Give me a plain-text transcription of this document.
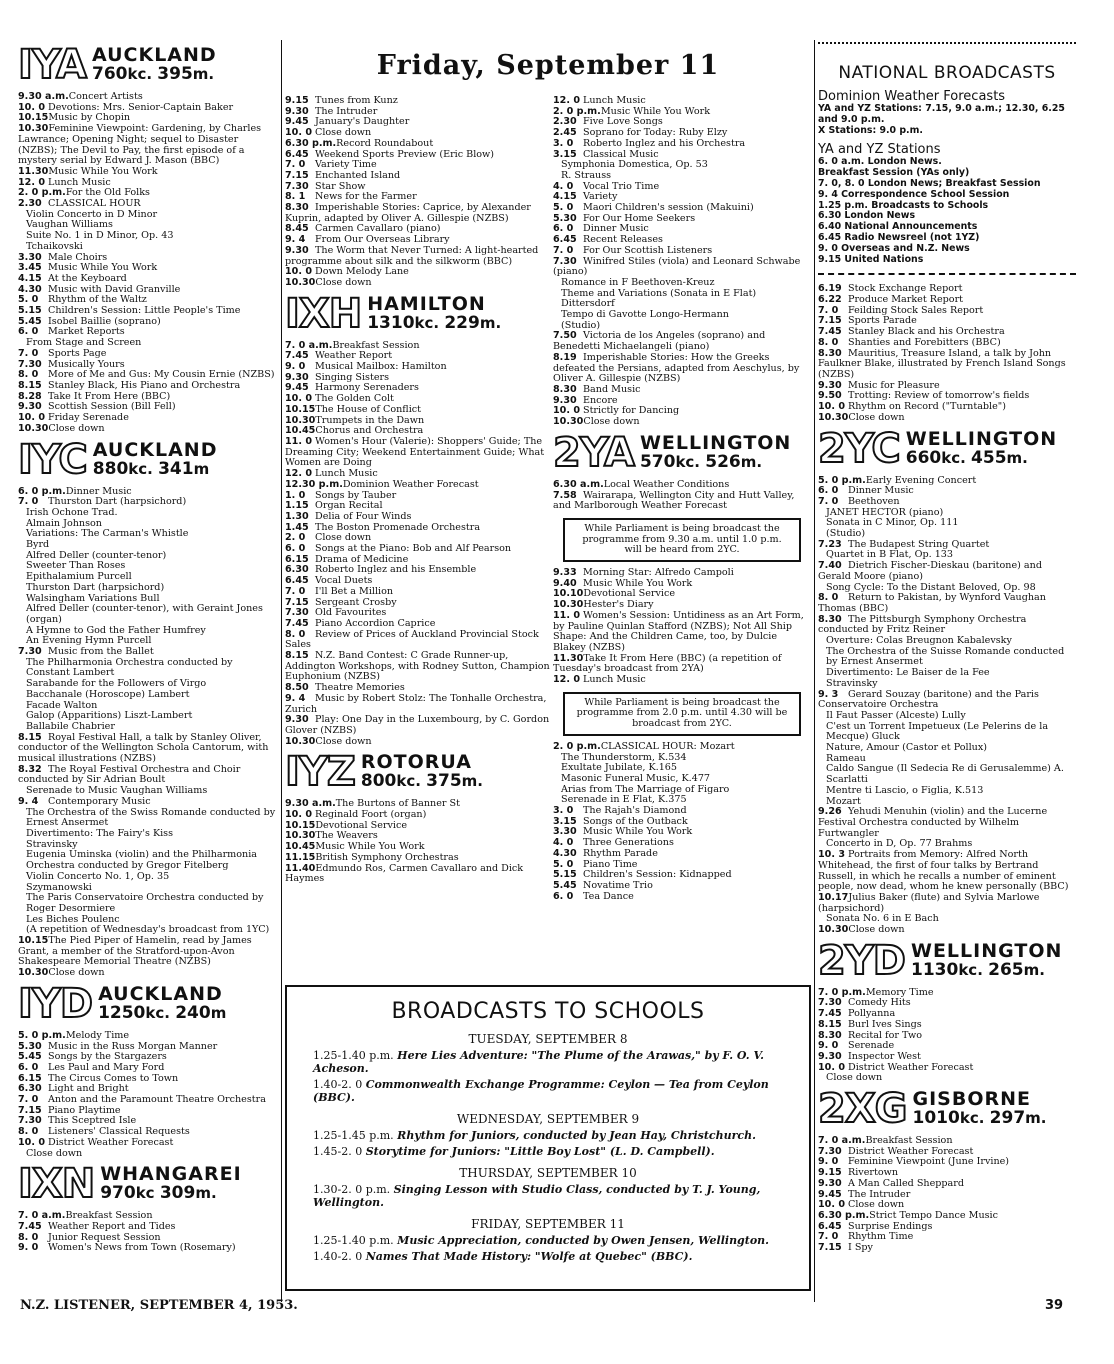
Friday, September 11
IYA AUCKLAND
760kc. 395m.
9.30 a.m.Concert Artists
10. 0Devotions: Mrs. Senior-Captain Baker
10.15Music by Chopin
10.30Feminine Viewpoint: Gardening, by Charles Lawrance; Opening Night; sequel to Disaster (NZBS); The Devil to Pay, the first episode of a mystery serial by Edward J. Mason (BBC)
11.30Music While You Work
12. 0Lunch Music
2. 0 p.m.For the Old Folks
2.30CLASSICAL HOUR
Violin Concerto in D Minor
Vaughan Williams
Suite No. 1 in D Minor, Op. 43
Tchaikovski
3.30Male Choirs
3.45Music While You Work
4.15At the Keyboard
4.30Music with David Granville
5. 0Rhythm of the Waltz
5.15Children's Session: Little People's Time
5.45Isobel Baillie (soprano)
6. 0Market Reports
From Stage and Screen
7. 0Sports Page
7.30Musically Yours
8. 0More of Me and Gus: My Cousin Ernie (NZBS)
8.15Stanley Black, His Piano and Orchestra
8.28Take It From Here (BBC)
9.30Scottish Session (Bill Fell)
10. 0Friday Serenade
10.30Close down
IYC AUCKLAND
880kc. 341m
6. 0 p.m.Dinner Music
7. 0Thurston Dart (harpsichord)
Irish Ochone Trad.
Almain Johnson
Variations: The Carman's Whistle
Byrd
Alfred Deller (counter-tenor)
Sweeter Than Roses
Epithalamium Purcell
Thurston Dart (harpsichord)
Walsingham Variations Bull
Alfred Deller (counter-tenor), with Geraint Jones (organ)
A Hymne to God the Father Humfrey
An Evening Hymn Purcell
7.30Music from the Ballet
The Philharmonia Orchestra conducted by Constant Lambert
Sarabande for the Followers of Virgo
Bacchanale (Horoscope) Lambert
Facade Walton
Galop (Apparitions) Liszt-Lambert
Ballabile Chabrier
8.15Royal Festival Hall, a talk by Stanley Oliver, conductor of the Wellington Schola Cantorum, with musical illustrations (NZBS)
8.32The Royal Festival Orchestra and Choir conducted by Sir Adrian Boult
Serenade to Music Vaughan Williams
9. 4Contemporary Music
The Orchestra of the Swiss Romande conducted by Ernest Ansermet
Divertimento: The Fairy's Kiss
Stravinsky
Eugenia Uminska (violin) and the Philharmonia Orchestra conducted by Gregor Fitelberg
Violin Concerto No. 1, Op. 35
Szymanowski
The Paris Conservatoire Orchestra conducted by Roger Desormiere
Les Biches Poulenc
(A repetition of Wednesday's broadcast from 1YC)
10.15The Pied Piper of Hamelin, read by James Grant, a member of the Stratford-upon-Avon Shakespeare Memorial Theatre (NZBS)
10.30Close down
IYD AUCKLAND
1250kc. 240m
5. 0 p.m.Melody Time
5.30Music in the Russ Morgan Manner
5.45Songs by the Stargazers
6. 0Les Paul and Mary Ford
6.15The Circus Comes to Town
6.30Light and Bright
7. 0Anton and the Paramount Theatre Orchestra
7.15Piano Playtime
7.30This Sceptred Isle
8. 0Listeners' Classical Requests
10. 0District Weather Forecast
Close down
IXN WHANGAREI
970kc 309m.
7. 0 a.m.Breakfast Session
7.45Weather Report and Tides
8. 0Junior Request Session
9. 0Women's News from Town (Rosemary)
9.15Tunes from Kunz
9.30The Intruder
9.45January's Daughter
10. 0Close down
6.30 p.m.Record Roundabout
6.45Weekend Sports Preview (Eric Blow)
7. 0Variety Time
7.15Enchanted Island
7.30Star Show
8. 1News for the Farmer
8.30Imperishable Stories: Caprice, by Alexander Kuprin, adapted by Oliver A. Gillespie (NZBS)
8.45Carmen Cavallaro (piano)
9. 4From Our Overseas Library
9.30The Worm that Never Turned: A light-hearted programme about silk and the silkworm (BBC)
10. 0Down Melody Lane
10.30Close down
IXH HAMILTON
1310kc. 229m.
7. 0 a.m.Breakfast Session
7.45Weather Report
9. 0Musical Mailbox: Hamilton
9.30Singing Sisters
9.45Harmony Serenaders
10. 0The Golden Colt
10.15The House of Conflict
10.30Trumpets in the Dawn
10.45Chorus and Orchestra
11. 0Women's Hour (Valerie): Shoppers' Guide; The Dreaming City; Weekend Entertainment Guide; What Women are Doing
12. 0Lunch Music
12.30 p.m.Dominion Weather Forecast
1. 0Songs by Tauber
1.15Organ Recital
1.30Delia of Four Winds
1.45The Boston Promenade Orchestra
2. 0Close down
6. 0Songs at the Piano: Bob and Alf Pearson
6.15Drama of Medicine
6.30Roberto Inglez and his Ensemble
6.45Vocal Duets
7. 0I'll Bet a Million
7.15Sergeant Crosby
7.30Old Favourites
7.45Piano Accordion Caprice
8. 0Review of Prices of Auckland Provincial Stock Sales
8.15N.Z. Band Contest: C Grade Runner-up, Addington Workshops, with Rodney Sutton, Champion Euphonium (NZBS)
8.50Theatre Memories
9. 4Music by Robert Stolz: The Tonhalle Orchestra, Zurich
9.30Play: One Day in the Luxembourg, by C. Gordon Glover (NZBS)
10.30Close down
IYZ ROTORUA
800kc. 375m.
9.30 a.m.The Burtons of Banner St
10. 0Reginald Foort (organ)
10.15Devotional Service
10.30The Weavers
10.45Music While You Work
11.15British Symphony Orchestras
11.40Edmundo Ros, Carmen Cavallaro and Dick Haymes
12. 0Lunch Music
2. 0 p.m.Music While You Work
2.30Five Love Songs
2.45Soprano for Today: Ruby Elzy
3. 0Roberto Inglez and his Orchestra
3.15Classical Music
Symphonia Domestica, Op. 53
R. Strauss
4. 0Vocal Trio Time
4.15Variety
5. 0Maori Children's session (Makuini)
5.30For Our Home Seekers
6. 0Dinner Music
6.45Recent Releases
7. 0For Our Scottish Listeners
7.30Winifred Stiles (viola) and Leonard Schwabe (piano)
Romance in F Beethoven-Kreuz
Theme and Variations (Sonata in E Flat) Dittersdorf
Tempo di Gavotte Longo-Hermann
(Studio)
7.50Victoria de los Angeles (soprano) and Benedetti Michaelangeli (piano)
8.19Imperishable Stories: How the Greeks defeated the Persians, adapted from Aeschylus, by Oliver A. Gillespie (NZBS)
8.30Band Music
9.30Encore
10. 0Strictly for Dancing
10.30Close down
2YA WELLINGTON
570kc. 526m.
6.30 a.m.Local Weather Conditions
7.58Wairarapa, Wellington City and Hutt Valley, and Marlborough Weather Forecast
While Parliament is being broadcast the programme from 9.30 a.m. until 1.0 p.m. will be heard from 2YC.
9.33Morning Star: Alfredo Campoli
9.40Music While You Work
10.10Devotional Service
10.30Hester's Diary
11. 0Women's Session: Untidiness as an Art Form, by Pauline Quinlan Stafford (NZBS); Not All Ship Shape: And the Children Came, too, by Dulcie Blakey (NZBS)
11.30Take It From Here (BBC) (a repetition of Tuesday's broadcast from 2YA)
12. 0Lunch Music
While Parliament is being broadcast the programme from 2.0 p.m. until 4.30 will be broadcast from 2YC.
2. 0 p.m.CLASSICAL HOUR: Mozart
The Thunderstorm, K.534
Exultate Jubilate, K.165
Masonic Funeral Music, K.477
Arias from The Marriage of Figaro
Serenade in E Flat, K.375
3. 0The Rajah's Diamond
3.15Songs of the Outback
3.30Music While You Work
4. 0Three Generations
4.30Rhythm Parade
5. 0Piano Time
5.15Children's Session: Kidnapped
5.45Novatime Trio
6. 0Tea Dance
NATIONAL BROADCASTS
Dominion Weather Forecasts
YA and YZ Stations: 7.15, 9.0 a.m.; 12.30, 6.25 and 9.0 p.m.
X Stations: 9.0 p.m.
YA and YZ Stations
6. 0 a.m. London News.
Breakfast Session (YAs only)
7. 0, 8. 0 London News; Breakfast Session
9. 4 Correspondence School Session
1.25 p.m. Broadcasts to Schools
6.30 London News
6.40 National Announcements
6.45 Radio Newsreel (not 1YZ)
9. 0 Overseas and N.Z. News
9.15 United Nations
6.19Stock Exchange Report
6.22Produce Market Report
7. 0Feilding Stock Sales Report
7.15Sports Parade
7.45Stanley Black and his Orchestra
8. 0Shanties and Forebitters (BBC)
8.30Mauritius, Treasure Island, a talk by John Faulkner Blake, illustrated by French Island Songs (NZBS)
9.30Music for Pleasure
9.50Trotting: Review of tomorrow's fields
10. 0Rhythm on Record ("Turntable")
10.30Close down
2YC WELLINGTON
660kc. 455m.
5. 0 p.m.Early Evening Concert
6. 0Dinner Music
7. 0Beethoven
JANET HECTOR (piano)
Sonata in C Minor, Op. 111
(Studio)
7.23The Budapest String Quartet
Quartet in B Flat, Op. 133
7.40Dietrich Fischer-Dieskau (baritone) and Gerald Moore (piano)
Song Cycle: To the Distant Beloved, Op. 98
8. 0Return to Pakistan, by Wynford Vaughan Thomas (BBC)
8.30The Pittsburgh Symphony Orchestra conducted by Fritz Reiner
Overture: Colas Breugnon Kabalevsky
The Orchestra of the Suisse Romande conducted by Ernest Ansermet
Divertimento: Le Baiser de la Fee
Stravinsky
9. 3Gerard Souzay (baritone) and the Paris Conservatoire Orchestra
Il Faut Passer (Alceste) Lully
C'est un Torrent Impetueux (Le Pelerins de la Mecque) Gluck
Nature, Amour (Castor et Pollux)
Rameau
Caldo Sangue (Il Sedecia Re di Gerusalemme) A. Scarlatti
Mentre ti Lascio, o Figlia, K.513
Mozart
9.26Yehudi Menuhin (violin) and the Lucerne Festival Orchestra conducted by Wilhelm Furtwangler
Concerto in D, Op. 77 Brahms
10. 3Portraits from Memory: Alfred North Whitehead, the first of four talks by Bertrand Russell, in which he recalls a number of eminent people, now dead, whom he knew personally (BBC)
10.17Julius Baker (flute) and Sylvia Marlowe (harpsichord)
Sonata No. 6 in E Bach
10.30Close down
2YD WELLINGTON
1130kc. 265m.
7. 0 p.m.Memory Time
7.30Comedy Hits
7.45Pollyanna
8.15Burl Ives Sings
8.30Recital for Two
9. 0Serenade
9.30Inspector West
10. 0District Weather Forecast
Close down
2XG GISBORNE
1010kc. 297m.
7. 0 a.m.Breakfast Session
7.30District Weather Forecast
9. 0Feminine Viewpoint (June Irvine)
9.15Rivertown
9.30A Man Called Sheppard
9.45The Intruder
10. 0Close down
6.30 p.m.Strict Tempo Dance Music
6.45Surprise Endings
7. 0Rhythm Time
7.15I Spy
BROADCASTS TO SCHOOLS
TUESDAY, SEPTEMBER 8
1.25-1.40 p.m. Here Lies Adventure: "The Plume of the Arawas," by F. O. V. Acheson.
1.40-2. 0 Commonwealth Exchange Programme: Ceylon — Tea from Ceylon (BBC).
WEDNESDAY, SEPTEMBER 9
1.25-1.45 p.m. Rhythm for Juniors, conducted by Jean Hay, Christchurch.
1.45-2. 0 Storytime for Juniors: "Little Boy Lost" (L. D. Campbell).
THURSDAY, SEPTEMBER 10
1.30-2. 0 p.m. Singing Lesson with Studio Class, conducted by T. J. Young, Wellington.
FRIDAY, SEPTEMBER 11
1.25-1.40 p.m. Music Appreciation, conducted by Owen Jensen, Wellington.
1.40-2. 0 Names That Made History: "Wolfe at Quebec" (BBC).
N.Z. LISTENER, SEPTEMBER 4, 1953.	39
